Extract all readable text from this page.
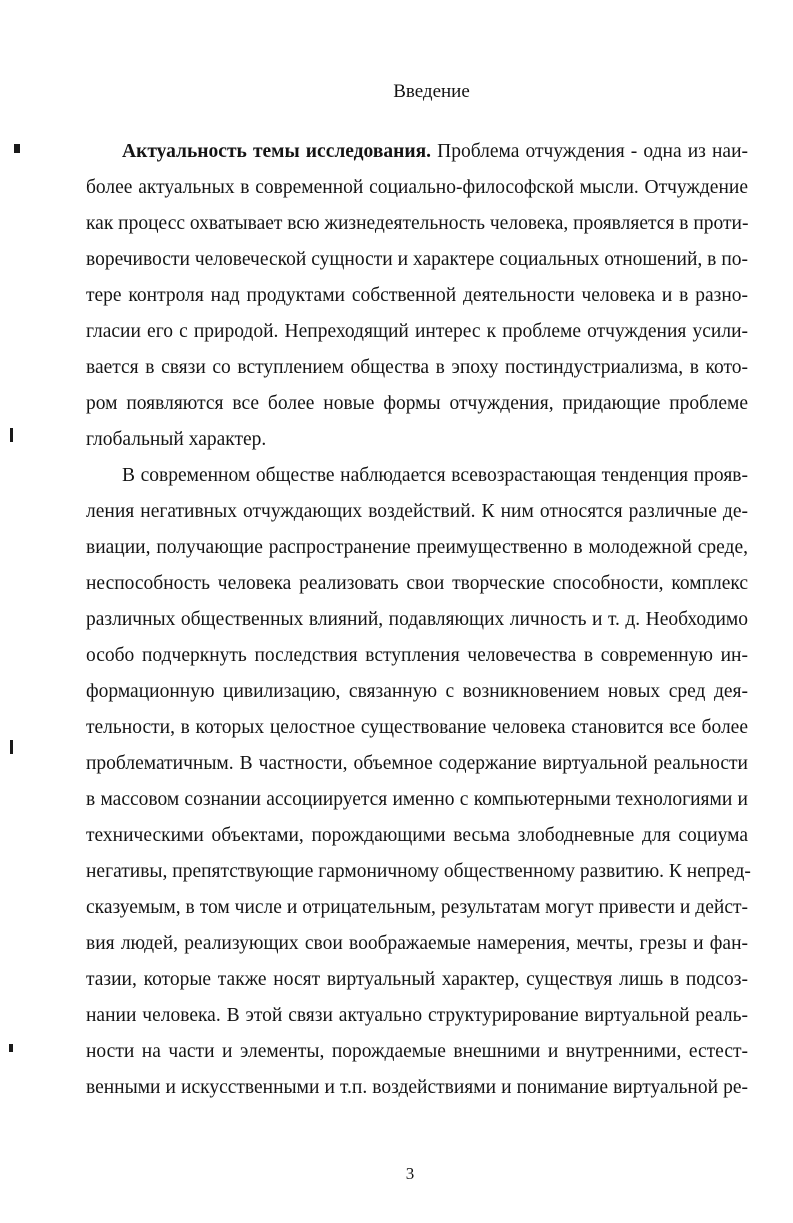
Введение
Актуальность темы исследования. Проблема отчуждения - одна из наи-
более актуальных в современной социально-философской мысли. Отчуждение
как процесс охватывает всю жизнедеятельность человека, проявляется в проти-
воречивости человеческой сущности и характере социальных отношений, в по-
тере контроля над продуктами собственной деятельности человека и в разно-
гласии его с природой. Непреходящий интерес к проблеме отчуждения усили-
вается в связи со вступлением общества в эпоху постиндустриализма, в кото-
ром появляются все более новые формы отчуждения, придающие проблеме
глобальный характер.
В современном обществе наблюдается всевозрастающая тенденция прояв-
ления негативных отчуждающих воздействий. К ним относятся различные де-
виации, получающие распространение преимущественно в молодежной среде,
неспособность человека реализовать свои творческие способности, комплекс
различных общественных влияний, подавляющих личность и т. д. Необходимо
особо подчеркнуть последствия вступления человечества в современную ин-
формационную цивилизацию, связанную с возникновением новых сред дея-
тельности, в которых целостное существование человека становится все более
проблематичным. В частности, объемное содержание виртуальной реальности
в массовом сознании ассоциируется именно с компьютерными технологиями и
техническими объектами, порождающими весьма злободневные для социума
негативы, препятствующие гармоничному общественному развитию. К непред-
сказуемым, в том числе и отрицательным, результатам могут привести и дейст-
вия людей, реализующих свои воображаемые намерения, мечты, грезы и фан-
тазии, которые также носят виртуальный характер, существуя лишь в подсоз-
нании человека. В этой связи актуально структурирование виртуальной реаль-
ности на части и элементы, порождаемые внешними и внутренними, естест-
венными и искусственными и т.п. воздействиями и понимание виртуальной ре-
3
